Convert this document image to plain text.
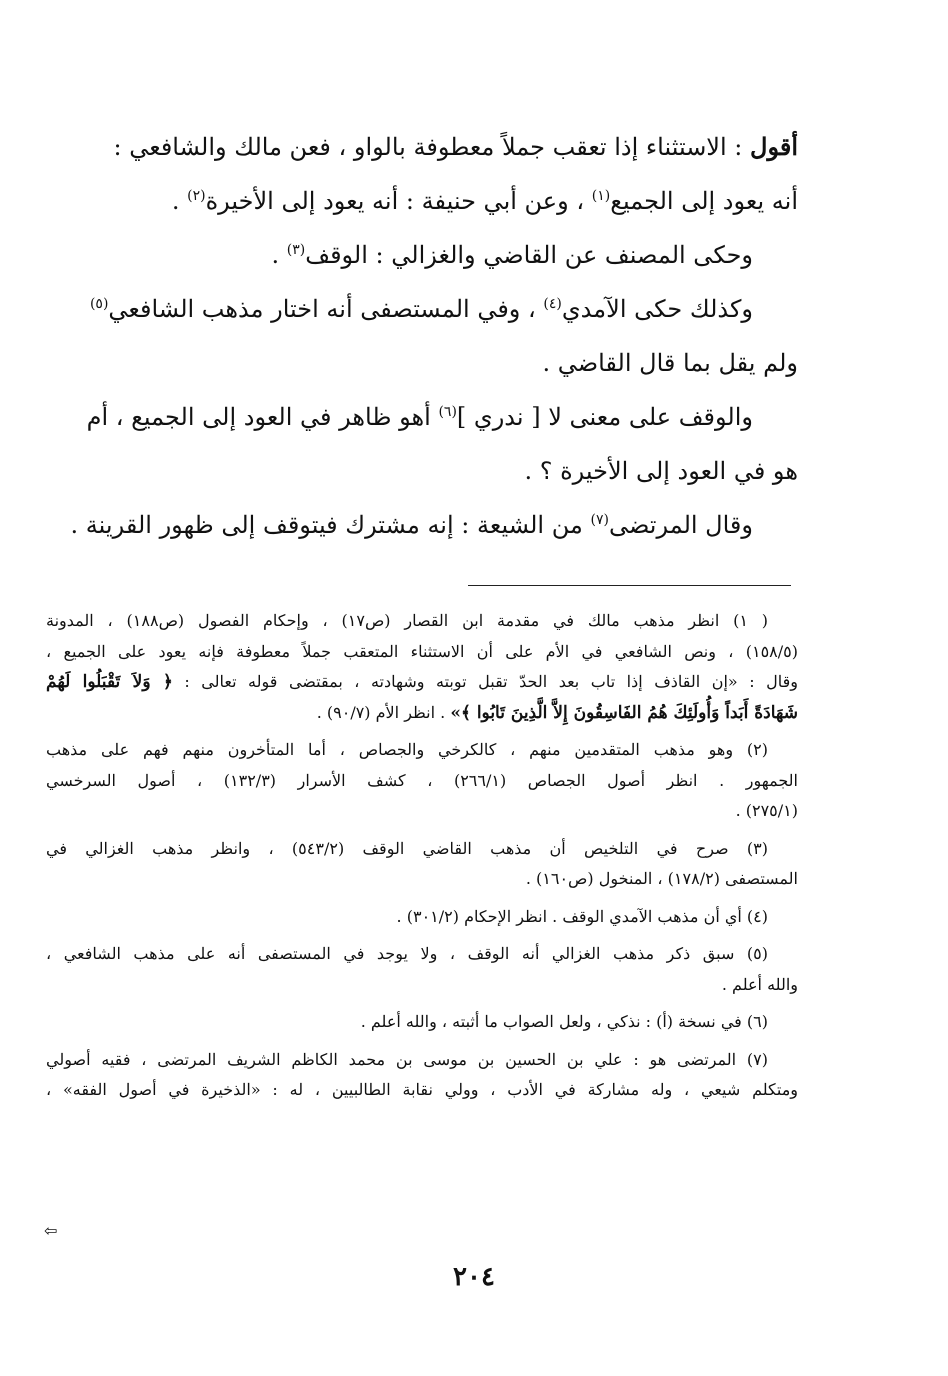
أقول : الاستثناء إذا تعقب جملاً معطوفة بالواو ، فعن مالك والشافعي :
أنه يعود إلى الجميع$^{(١)}$ ، وعن أبي حنيفة : أنه يعود إلى الأخيرة$^{(٢)}$ .
وحكى المصنف عن القاضي والغزالي : الوقف$^{(٣)}$ .
وكذلك حكى الآمدي$^{(٤)}$ ، وفي المستصفى أنه اختار مذهب الشافعي$^{(٥)}$
ولم يقل بما قال القاضي .
والوقف على معنى لا [ ندري ]$^{(٦)}$ أهو ظاهر في العود إلى الجميع ، أم
هو في العود إلى الأخيرة ؟ .
وقال المرتضى$^{(٧)}$ من الشيعة : إنه مشترك فيتوقف إلى ظهور القرينة .
( ١) انظر مذهب مالك في مقدمة ابن القصار (ص١٧) ، وإحكام الفصول (ص١٨٨) ، المدونة
(١٥٨/٥) ، ونص الشافعي في الأم على أن الاستثناء المتعقب جملاً معطوفة فإنه يعود على الجميع ،
وقال : «إن القاذف إذا تاب بعد الحدّ تقبل توبته وشهادته ، بمقتضى قوله تعالى : ﴿ وَلاَ تَقْبَلُوا لَهُمْ
شَهَادَةً أَبَداً وَأُولَئِكَ هُمُ الفَاسِقُونَ إِلاَّ الَّذِينَ تَابُوا ﴾» . انظر الأم (٩٠/٧) .
(٢) وهو مذهب المتقدمين منهم ، كالكرخي والجصاص ، أما المتأخرون منهم فهم على مذهب
الجمهور . انظر أصول الجصاص (٢٦٦/١) ، كشف الأسرار (١٣٢/٣) ، أصول السرخسي
(٢٧٥/١) .
(٣) صرح في التلخيص أن مذهب القاضي الوقف (٥٤٣/٢) ، وانظر مذهب الغزالي في
المستصفى (١٧٨/٢) ، المنخول (ص١٦٠) .
(٤) أي أن مذهب الآمدي الوقف . انظر الإحكام (٣٠١/٢) .
(٥) سبق ذكر مذهب الغزالي أنه الوقف ، ولا يوجد في المستصفى أنه على مذهب الشافعي ،
والله أعلم .
(٦) في نسخة (أ) : نذكي ، ولعل الصواب ما أثبته ، والله أعلم .
(٧) المرتضى هو : علي بن الحسين بن موسى بن محمد الكاظم الشريف المرتضى ، فقيه أصولي
ومتكلم شيعي ، وله مشاركة في الأدب ، وولي نقابة الطالبيين ، له : «الذخيرة في أصول الفقه» ،
⇦
٢٠٤
